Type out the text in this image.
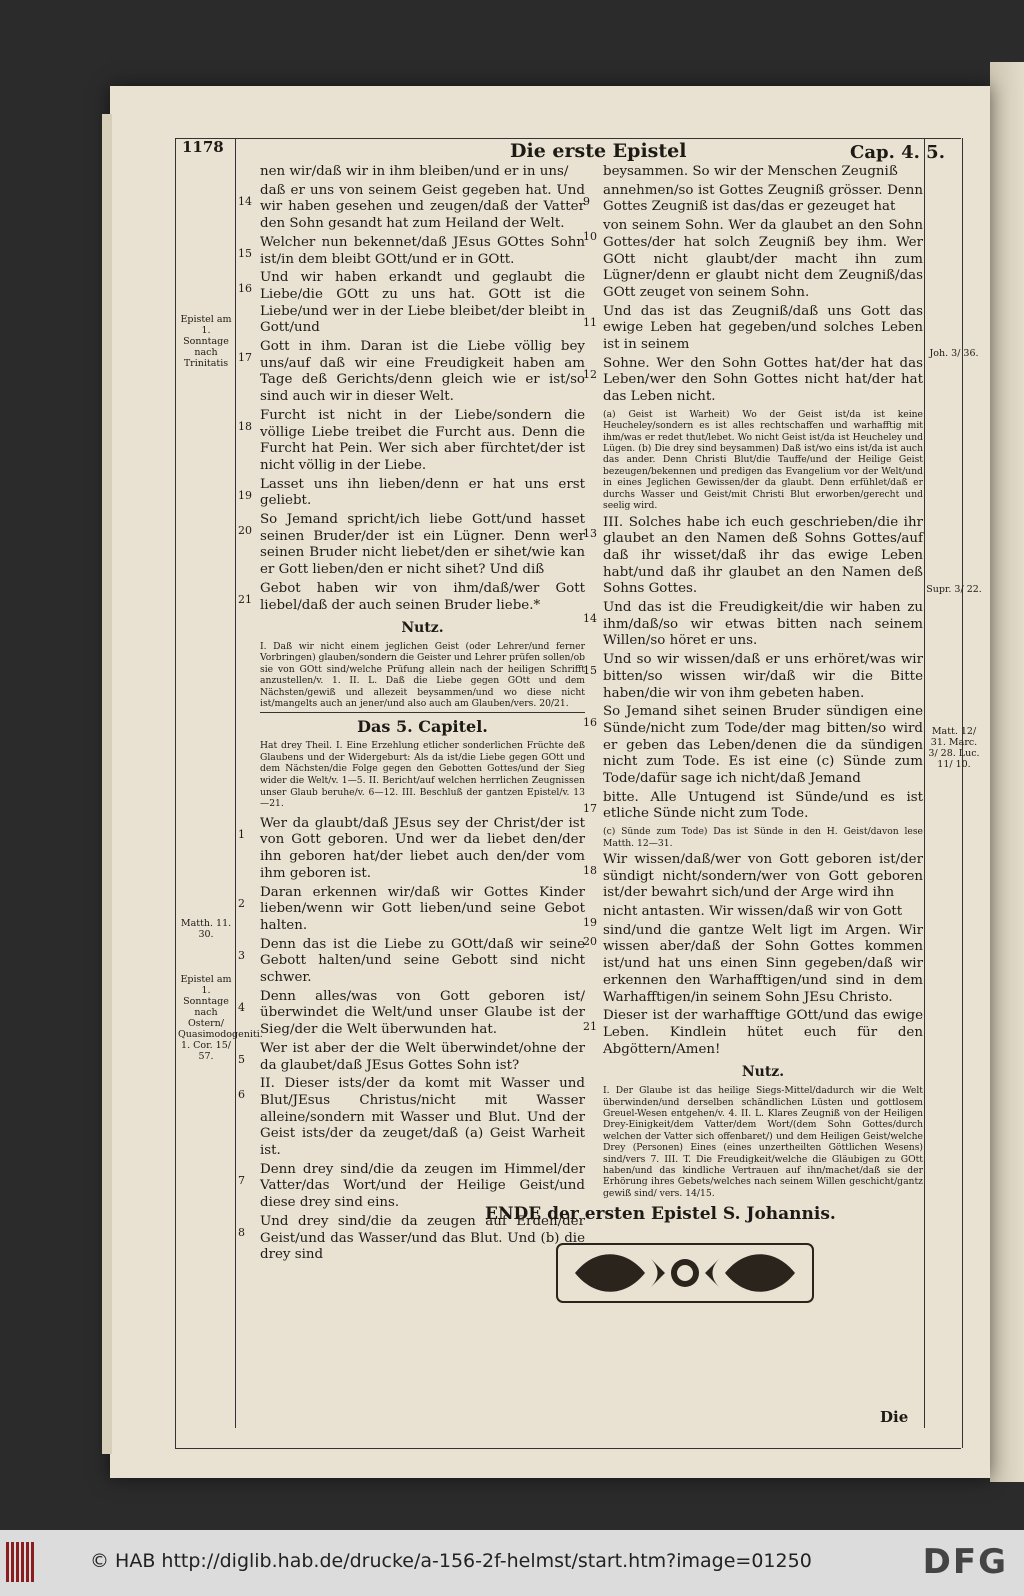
1178	Die erste Epistel	Cap. 4. 5.
Epistel am 1. Sonntage nach Trinitatis
Matth. 11. 30.
Epistel am 1. Sonntage nach Ostern/ Quasimodogeniti. 1. Cor. 15/ 57.
Joh. 3/ 36.
Supr. 3/ 22.
Matt. 12/ 31. Marc. 3/ 28. Luc. 11/ 10.

nen wir/daß wir in ihm bleiben/und er in uns/

14
daß er uns von seinem Geist gegeben hat. Und wir haben gesehen und zeugen/daß der Vatter den Sohn gesandt hat zum Heiland der Welt.

15
Welcher nun bekennet/daß JEsus GOttes Sohn ist/in dem bleibt GOtt/und er in GOtt.

16
Und wir haben erkandt und geglaubt die Liebe/die GOtt zu uns hat. GOtt ist die Liebe/und wer in der Liebe bleibet/der bleibt in Gott/und

17
Gott in ihm. Daran ist die Liebe völlig bey uns/auf daß wir eine Freudigkeit haben am Tage deß Gerichts/denn gleich wie er ist/so sind auch wir in dieser Welt.

18
Furcht ist nicht in der Liebe/sondern die völlige Liebe treibet die Furcht aus. Denn die Furcht hat Pein. Wer sich aber fürchtet/der ist nicht völlig in der Liebe.

19
Lasset uns ihn lieben/denn er hat uns erst geliebt.

20
So Jemand spricht/ich liebe Gott/und hasset seinen Bruder/der ist ein Lügner. Denn wer seinen Bruder nicht liebet/den er sihet/wie kan er Gott lieben/den er nicht sihet? Und diß

21
Gebot haben wir von ihm/daß/wer Gott liebel/daß der auch seinen Bruder liebe.*

Nutz.
I. Daß wir nicht einem jeglichen Geist (oder Lehrer/und ferner Vorbringen) glauben/sondern die Geister und Lehrer prüfen sollen/ob sie von GOtt sind/welche Prüfung allein nach der heiligen Schrifft anzustellen/v. 1. II. L. Daß die Liebe gegen GOtt und dem Nächsten/gewiß und allezeit beysammen/und wo diese nicht ist/mangelts auch an jener/und also auch am Glauben/vers. 20/21.
Das 5. Capitel.
Hat drey Theil. I. Eine Erzehlung etlicher sonderlichen Früchte deß Glaubens und der Widergeburt: Als da ist/die Liebe gegen GOtt und dem Nächsten/die Folge gegen den Gebotten Gottes/und der Sieg wider die Welt/v. 1—5. II. Bericht/auf welchen herrlichen Zeugnissen unser Glaub beruhe/v. 6—12. III. Beschluß der gantzen Epistel/v. 13—21.

1
Wer da glaubt/daß JEsus sey der Christ/der ist von Gott geboren. Und wer da liebet den/der ihn geboren hat/der liebet auch den/der vom ihm geboren ist.

2
Daran erkennen wir/daß wir Gottes Kinder lieben/wenn wir Gott lieben/und seine Gebot halten.

3
Denn das ist die Liebe zu GOtt/daß wir seine Gebott halten/und seine Gebott sind nicht schwer.

4
Denn alles/was von Gott geboren ist/überwindet die Welt/und unser Glaube ist der Sieg/der die Welt überwunden hat.

5
Wer ist aber der die Welt überwindet/ohne der da glaubet/daß JEsus Gottes Sohn ist?

6
II. Dieser ists/der da komt mit Wasser und Blut/JEsus Christus/nicht mit Wasser alleine/sondern mit Wasser und Blut. Und der Geist ists/der da zeuget/daß (a) Geist Warheit ist.

7
Denn drey sind/die da zeugen im Himmel/der Vatter/das Wort/und der Heilige Geist/und diese drey sind eins.

8
Und drey sind/die da zeugen auf Erden/der Geist/und das Wasser/und das Blut. Und (b) die drey sind

beysammen. So wir der Menschen Zeugniß

9
annehmen/so ist Gottes Zeugniß grösser. Denn Gottes Zeugniß ist das/das er gezeuget hat

10
von seinem Sohn. Wer da glaubet an den Sohn Gottes/der hat solch Zeugniß bey ihm. Wer GOtt nicht glaubt/der macht ihn zum Lügner/denn er glaubt nicht dem Zeugniß/das GOtt zeuget von seinem Sohn.

11
Und das ist das Zeugniß/daß uns Gott das ewige Leben hat gegeben/und solches Leben ist in seinem

12
Sohne. Wer den Sohn Gottes hat/der hat das Leben/wer den Sohn Gottes nicht hat/der hat das Leben nicht.

(a) Geist ist Warheit) Wo der Geist ist/da ist keine Heucheley/sondern es ist alles rechtschaffen und warhafftig mit ihm/was er redet thut/lebet. Wo nicht Geist ist/da ist Heucheley und Lügen. (b) Die drey sind beysammen) Daß ist/wo eins ist/da ist auch das ander. Denn Christi Blut/die Tauffe/und der Heilige Geist bezeugen/bekennen und predigen das Evangelium vor der Welt/und in eines Jeglichen Gewissen/der da glaubt. Denn erfühlet/daß er durchs Wasser und Geist/mit Christi Blut erworben/gerecht und seelig wird.

13
III. Solches habe ich euch geschrieben/die ihr glaubet an den Namen deß Sohns Gottes/auf daß ihr wisset/daß ihr das ewige Leben habt/und daß ihr glaubet an den Namen deß Sohns Gottes.

14
Und das ist die Freudigkeit/die wir haben zu ihm/daß/so wir etwas bitten nach seinem Willen/so höret er uns.

15
Und so wir wissen/daß er uns erhöret/was wir bitten/so wissen wir/daß wir die Bitte haben/die wir von ihm gebeten haben.

16
So Jemand sihet seinen Bruder sündigen eine Sünde/nicht zum Tode/der mag bitten/so wird er geben das Leben/denen die da sündigen nicht zum Tode. Es ist eine (c) Sünde zum Tode/dafür sage ich nicht/daß Jemand

17
bitte. Alle Untugend ist Sünde/und es ist etliche Sünde nicht zum Tode.

(c) Sünde zum Tode) Das ist Sünde in den H. Geist/davon lese Matth. 12—31.

18
Wir wissen/daß/wer von Gott geboren ist/der sündigt nicht/sondern/wer von Gott geboren ist/der bewahrt sich/und der Arge wird ihn

19
nicht antasten. Wir wissen/daß wir von Gott

20
sind/und die gantze Welt ligt im Argen. Wir wissen aber/daß der Sohn Gottes kommen ist/und hat uns einen Sinn gegeben/daß wir erkennen den Warhafftigen/und sind in dem Warhafftigen/in seinem Sohn JEsu Christo.

21
Dieser ist der warhafftige GOtt/und das ewige Leben. Kindlein hütet euch für den Abgöttern/Amen!

Nutz.
I. Der Glaube ist das heilige Siegs-Mittel/dadurch wir die Welt überwinden/und derselben schändlichen Lüsten und gottlosem Greuel-Wesen entgehen/v. 4. II. L. Klares Zeugniß von der Heiligen Drey-Einigkeit/dem Vatter/dem Wort/(dem Sohn Gottes/durch welchen der Vatter sich offenbaret/) und dem Heiligen Geist/welche Drey (Personen) Eines (eines unzertheilten Göttlichen Wesens) sind/vers 7. III. T. Die Freudigkeit/welche die Gläubigen zu GOtt haben/und das kindliche Vertrauen auf ihn/machet/daß sie der Erhörung ihres Gebets/welches nach seinem Willen geschicht/gantz gewiß sind/ vers. 14/15.
ENDE der ersten Epistel S. Johannis.
Die
© HAB http://diglib.hab.de/drucke/a-156-2f-helmst/start.htm?image=01250	DFG
